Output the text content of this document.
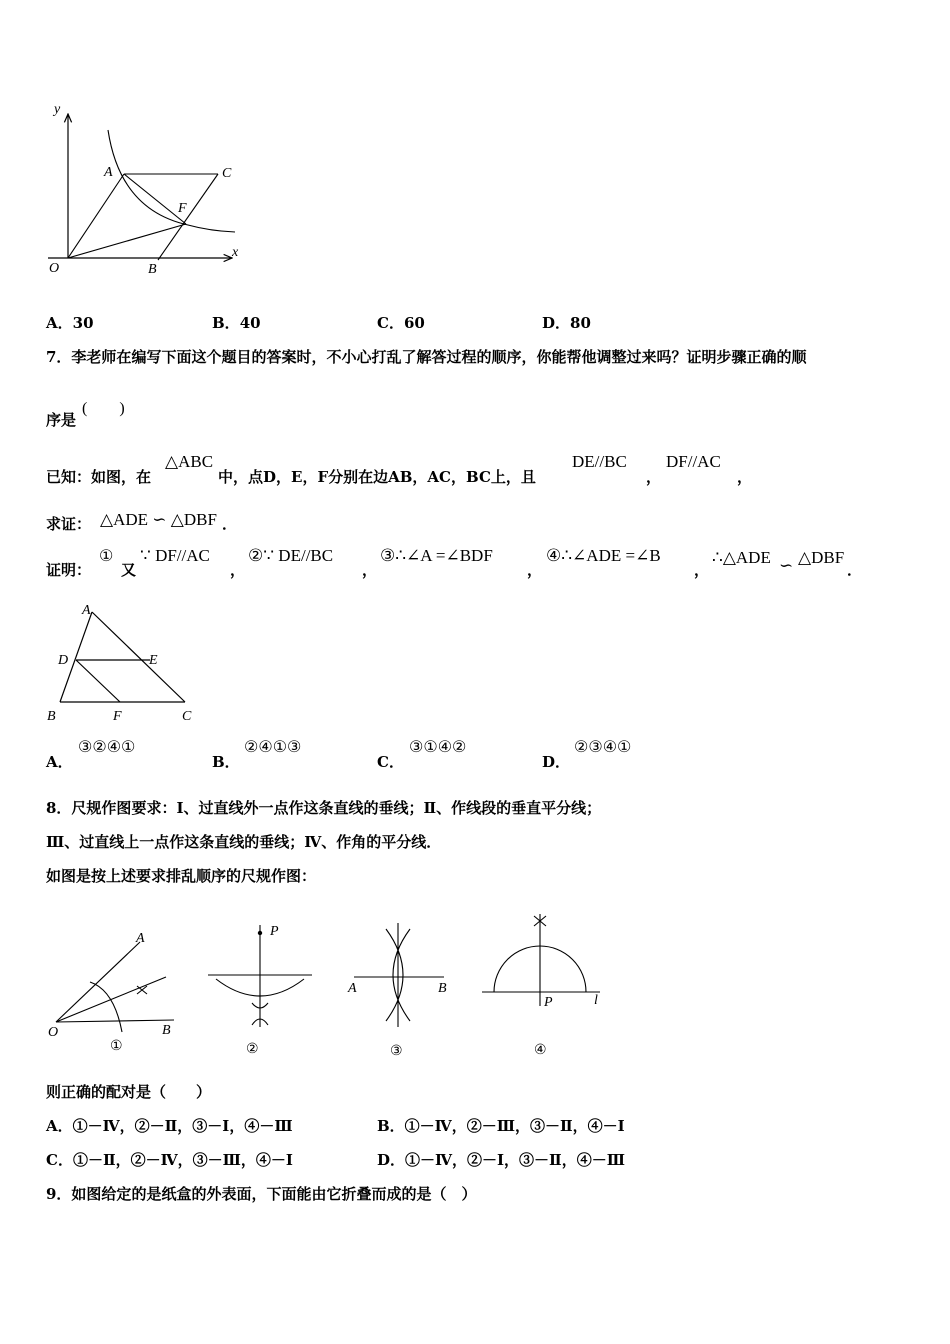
y
x
O
A	C
F
B
A．30	B．40	C．60	D．80
7．李老师在编写下面这个题目的答案时，不小心打乱了解答过程的顺序，你能帮他调整过来吗？证明步骤正确的顺
序是
(　　)
已知：如图，在
△ABC
中，点D，E，F分别在边AB，AC，BC上，且
DE//BC
，
DF//AC
，
求证： △ADE ∽ △DBF ．
证明：
①
又
∵ DF//AC
，
②∵ DE//BC
，
③∴∠A =∠BDF
，
④∴∠ADE =∠B
，
∴△ADE ∽ △DBF
．
A
D	E
B	F	C
A．
③②④①
B．
②④①③
C．
③①④②
D．
②③④①
8．尺规作图要求：Ⅰ、过直线外一点作这条直线的垂线；Ⅱ、作线段的垂直平分线；
Ⅲ、过直线上一点作这条直线的垂线；Ⅳ、作角的平分线．
如图是按上述要求排乱顺序的尺规作图：
A
O	B
①
P
②
A	B
③
P	l
④
则正确的配对是（　　）
A．①－Ⅳ，②－Ⅱ，③－Ⅰ，④－Ⅲ	B．①－Ⅳ，②－Ⅲ，③－Ⅱ，④－Ⅰ
C．①－Ⅱ，②－Ⅳ，③－Ⅲ，④－Ⅰ	D．①－Ⅳ，②－Ⅰ，③－Ⅱ，④－Ⅲ
9．如图给定的是纸盒的外表面，下面能由它折叠而成的是（　）
